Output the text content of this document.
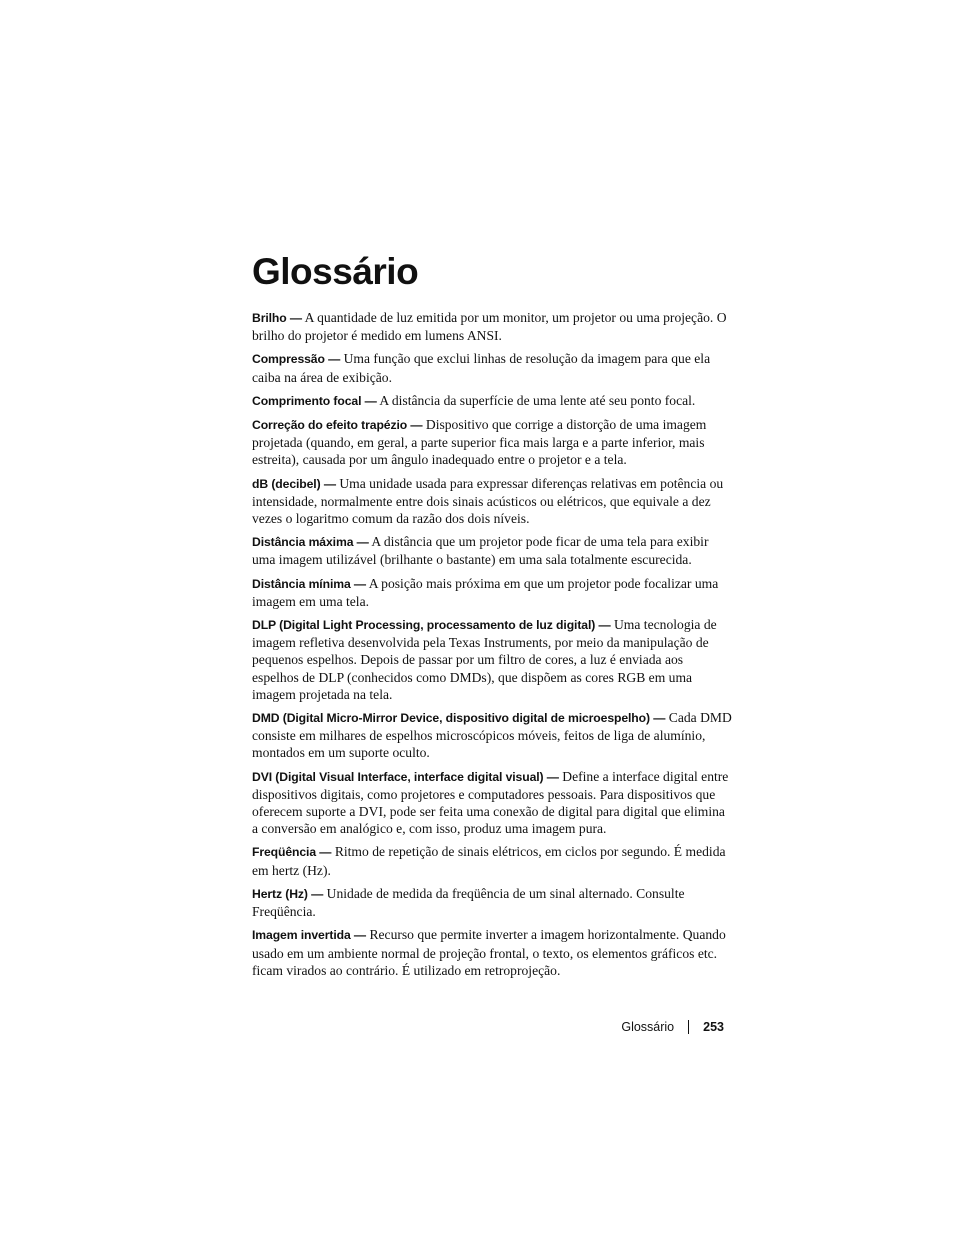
Glossário

Brilho — A quantidade de luz emitida por um monitor, um projetor ou uma projeção. O brilho do projetor é medido em lumens ANSI.

Compressão — Uma função que exclui linhas de resolução da imagem para que ela caiba na área de exibição.

Comprimento focal — A distância da superfície de uma lente até seu ponto focal.

Correção do efeito trapézio — Dispositivo que corrige a distorção de uma imagem projetada (quando, em geral, a parte superior fica mais larga e a parte inferior, mais estreita), causada por um ângulo inadequado entre o projetor e a tela.

dB (decibel) — Uma unidade usada para expressar diferenças relativas em potência ou intensidade, normalmente entre dois sinais acústicos ou elétricos, que equivale a dez vezes o logaritmo comum da razão dos dois níveis.

Distância máxima — A distância que um projetor pode ficar de uma tela para exibir uma imagem utilizável (brilhante o bastante) em uma sala totalmente escurecida.

Distância mínima — A posição mais próxima em que um projetor pode focalizar uma imagem em uma tela.

DLP (Digital Light Processing, processamento de luz digital) — Uma tecnologia de imagem refletiva desenvolvida pela Texas Instruments, por meio da manipulação de pequenos espelhos. Depois de passar por um filtro de cores, a luz é enviada aos espelhos de DLP (conhecidos como DMDs), que dispõem as cores RGB em uma imagem projetada na tela.

DMD (Digital Micro-Mirror Device, dispositivo digital de microespelho) — Cada DMD consiste em milhares de espelhos microscópicos móveis, feitos de liga de alumínio, montados em um suporte oculto.

DVI (Digital Visual Interface, interface digital visual) — Define a interface digital entre dispositivos digitais, como projetores e computadores pessoais. Para dispositivos que oferecem suporte a DVI, pode ser feita uma conexão de digital para digital que elimina a conversão em analógico e, com isso, produz uma imagem pura.

Freqüência — Ritmo de repetição de sinais elétricos, em ciclos por segundo. É medida em hertz (Hz).

Hertz (Hz) — Unidade de medida da freqüência de um sinal alternado. Consulte Freqüência.

Imagem invertida — Recurso que permite inverter a imagem horizontalmente. Quando usado em um ambiente normal de projeção frontal, o texto, os elementos gráficos etc. ficam virados ao contrário. É utilizado em retroprojeção.

Glossário 253
